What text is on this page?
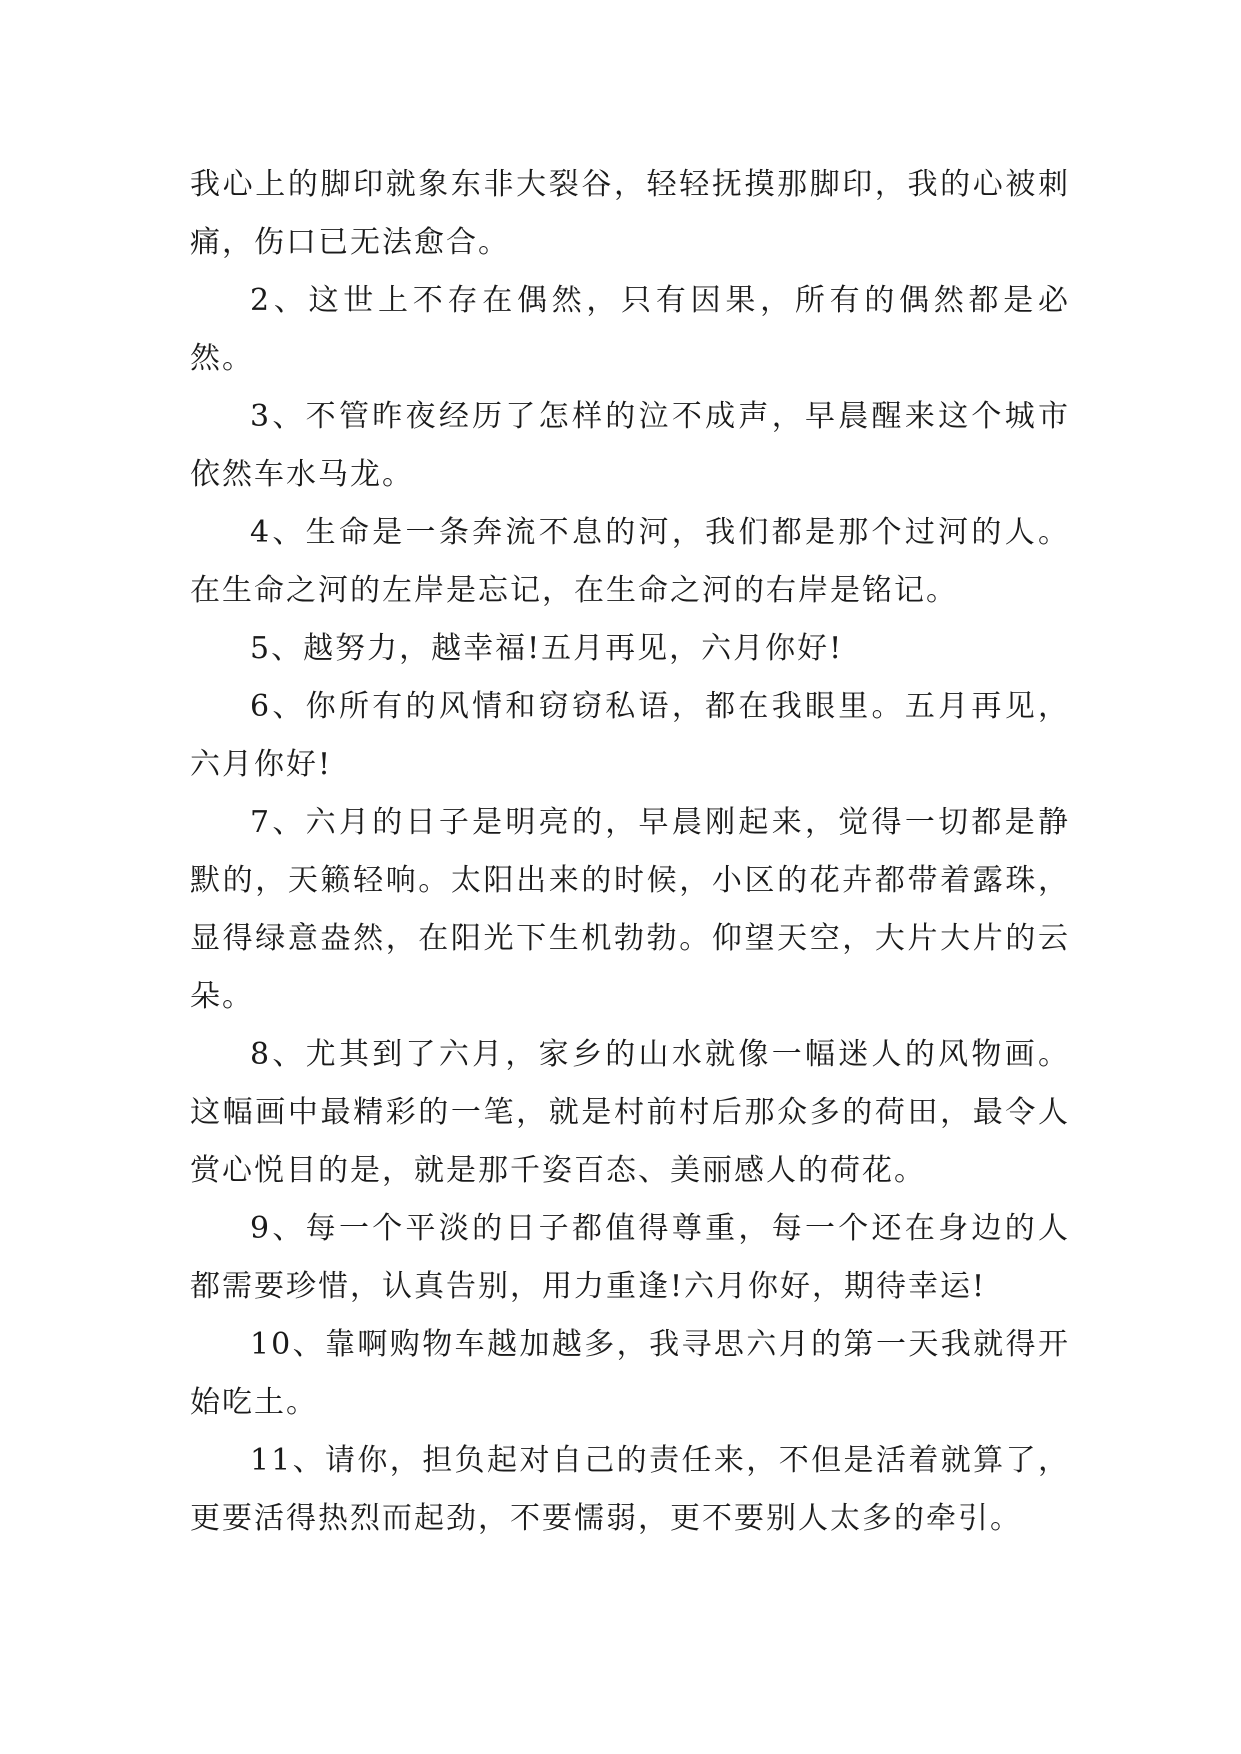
我心上的脚印就象东非大裂谷，轻轻抚摸那脚印，我的心被刺痛，伤口已无法愈合。

2、这世上不存在偶然，只有因果，所有的偶然都是必然。

3、不管昨夜经历了怎样的泣不成声，早晨醒来这个城市依然车水马龙。

4、生命是一条奔流不息的河，我们都是那个过河的人。在生命之河的左岸是忘记，在生命之河的右岸是铭记。

5、越努力，越幸福!五月再见，六月你好!

6、你所有的风情和窃窃私语，都在我眼里。五月再见，六月你好!

7、六月的日子是明亮的，早晨刚起来，觉得一切都是静默的，天籁轻响。太阳出来的时候，小区的花卉都带着露珠，显得绿意盎然，在阳光下生机勃勃。仰望天空，大片大片的云朵。

8、尤其到了六月，家乡的山水就像一幅迷人的风物画。这幅画中最精彩的一笔，就是村前村后那众多的荷田，最令人赏心悦目的是，就是那千姿百态、美丽感人的荷花。

9、每一个平淡的日子都值得尊重，每一个还在身边的人都需要珍惜，认真告别，用力重逢!六月你好，期待幸运!

10、靠啊购物车越加越多，我寻思六月的第一天我就得开始吃土。

11、请你，担负起对自己的责任来，不但是活着就算了，更要活得热烈而起劲，不要懦弱，更不要别人太多的牵引。
